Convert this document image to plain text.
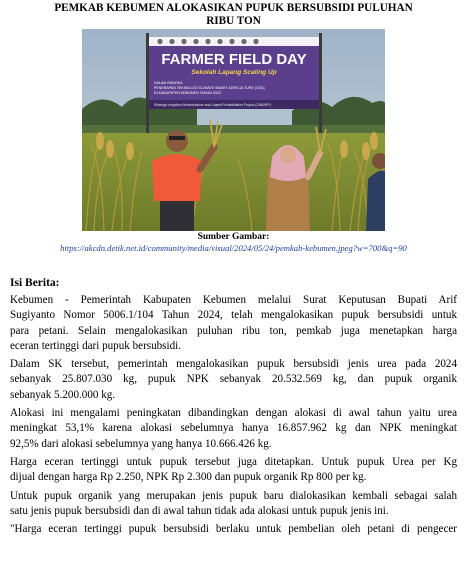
PEMKAB KEBUMEN ALOKASIKAN PUPUK BERSUBSIDI PULUHAN
RIBU TON
FARMER FIELD DAY
Sekolah Lapang Scaling Up
DALAM RANGKA
PENERAPAN TEKNOLOGI CLIMATE SMART AGRICULTURE (CSA)
DI KABUPATEN KEBUMEN TAHUN 2023
Strategic Irrigation Modernization and Urgent Rehabilitation Project (SIMURP)
Sumber Gambar:
https://akcdn.detik.net.id/community/media/visual/2024/05/24/pemkab-kebumen.jpeg?w=700&q=90
Isi Berita:
Kebumen - Pemerintah Kabupaten Kebumen melalui Surat Keputusan Bupati Arif
Sugiyanto Nomor 5006.1/104 Tahun 2024, telah mengalokasikan pupuk bersubsidi untuk
para petani. Selain mengalokasikan puluhan ribu ton, pemkab juga menetapkan harga
eceran tertinggi dari pupuk bersubsidi.
Dalam SK tersebut, pemerintah mengalokasikan pupuk bersubsidi jenis urea pada 2024
sebanyak 25.807.030 kg, pupuk NPK sebanyak 20.532.569 kg, dan pupuk organik
sebanyak 5.200.000 kg.
Alokasi ini mengalami peningkatan dibandingkan dengan alokasi di awal tahun yaitu urea
meningkat 53,1% karena alokasi sebelumnya hanya 16.857.962 kg dan NPK meningkat
92,5% dari alokasi sebelumnya yang hanya 10.666.426 kg.
Harga eceran tertinggi untuk pupuk tersebut juga ditetapkan. Untuk pupuk Urea per Kg
dijual dengan harga Rp 2.250, NPK Rp 2.300 dan pupuk organik Rp 800 per kg.
Untuk pupuk organik yang merupakan jenis pupuk baru dialokasikan kembali sebagai salah
satu jenis pupuk bersubsidi dan di awal tahun tidak ada alokasi untuk pupuk jenis ini.
"Harga eceran tertinggi pupuk bersubsidi berlaku untuk pembelian oleh petani di pengecer
